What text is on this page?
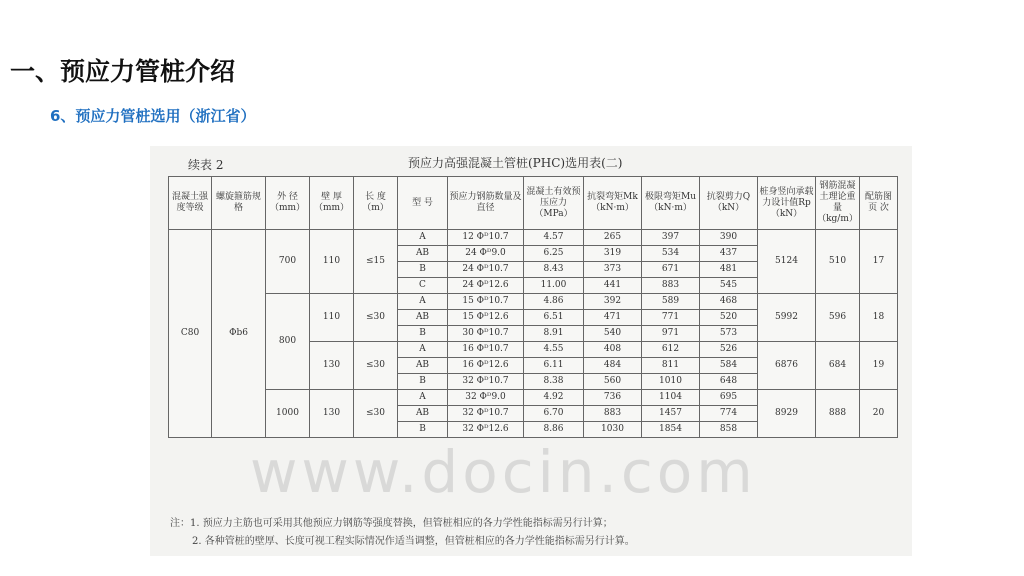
一、预应力管桩介绍
6、预应力管桩选用（浙江省）
续表 2	预应力高强混凝土管桩(PHC)选用表(二)
混凝土强度等级	螺旋箍筋规 格	外 径（mm）	壁 厚（mm）	长 度（m）	型 号	预应力钢筋数量及直径	混凝土有效预压应力（MPa）	抗裂弯矩Mk（kN·m）	极限弯矩Mu（kN·m）	抗裂剪力Q（kN）	桩身竖向承载力设计值Rp（kN）	钢筋混凝土理论重量（kg/m）	配筋图页 次
C80	Φb6	700	110	≤15	A	12 Φᴰ10.7	4.57	265	397	390	5124	510	17
					AB	24 Φᴰ9.0	6.25	319	534	437			
					B	24 Φᴰ10.7	8.43	373	671	481			
					C	24 Φᴰ12.6	11.00	441	883	545			
		800	110	≤30	A	15 Φᴰ10.7	4.86	392	589	468	5992	596	18
					AB	15 Φᴰ12.6	6.51	471	771	520			
					B	30 Φᴰ10.7	8.91	540	971	573			
			130	≤30	A	16 Φᴰ10.7	4.55	408	612	526	6876	684	19
					AB	16 Φᴰ12.6	6.11	484	811	584			
					B	32 Φᴰ10.7	8.38	560	1010	648			
		1000	130	≤30	A	32 Φᴰ9.0	4.92	736	1104	695	8929	888	20
					AB	32 Φᴰ10.7	6.70	883	1457	774			
					B	32 Φᴰ12.6	8.86	1030	1854	858			
www.docin.com
注：1. 预应力主筋也可采用其他预应力钢筋等强度替换，但管桩相应的各力学性能指标需另行计算；
2. 各种管桩的壁厚、长度可视工程实际情况作适当调整，但管桩相应的各力学性能指标需另行计算。
